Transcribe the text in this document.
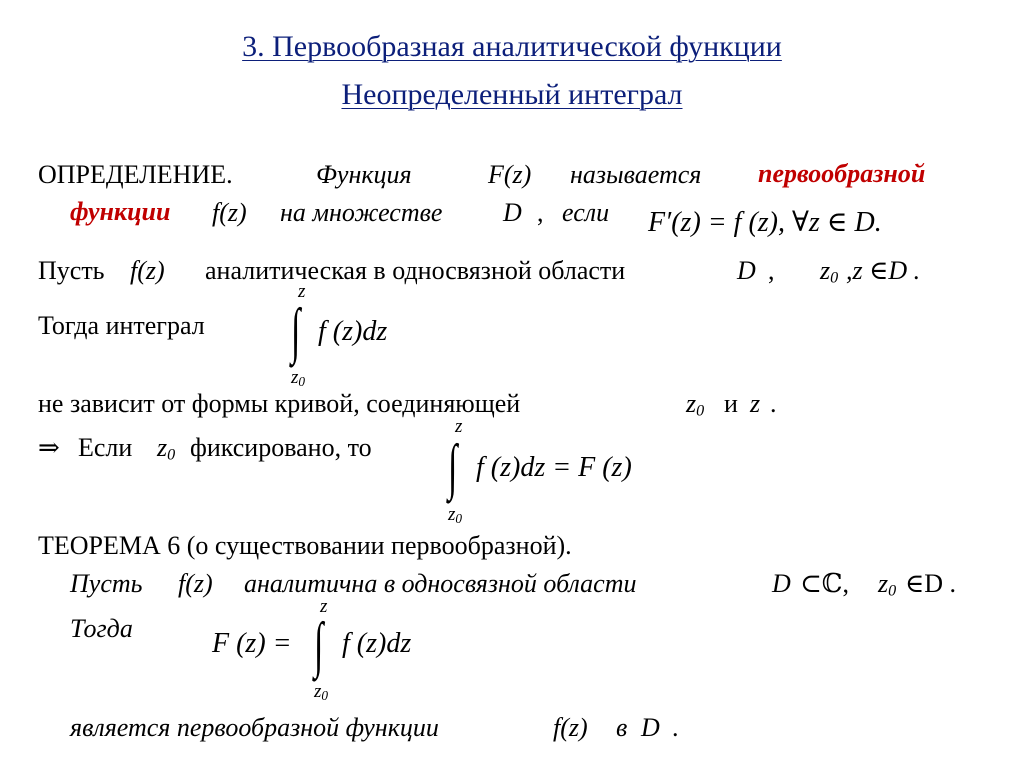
3. Первообразная аналитической функции
Неопределенный интеграл
ОПРЕДЕЛЕНИЕ.	Функция	F(z) называется первообразной
функции f(z) на множестве D , если F′(z) = f (z), ∀z ∈ D.
Пусть f(z) аналитическая в односвязной области	D , $z_0$ ,z ∈D .
Тогда интеграл
z
∫
$z_0$
f (z)dz
не зависит от формы кривой, соединяющей	$z_0$ и z .
⇒ Если $z_0$ фиксировано, то
z
∫
$z_0$
f (z)dz = F (z)
ТЕОРЕМА 6 (о существовании первообразной).
Пусть f(z) аналитична в односвязной области	D ⊂ℂ, $z_0$ ∈D .
Тогда	F (z) =
z
∫
$z_0$
f (z)dz
является первообразной функции	f(z) в D .
